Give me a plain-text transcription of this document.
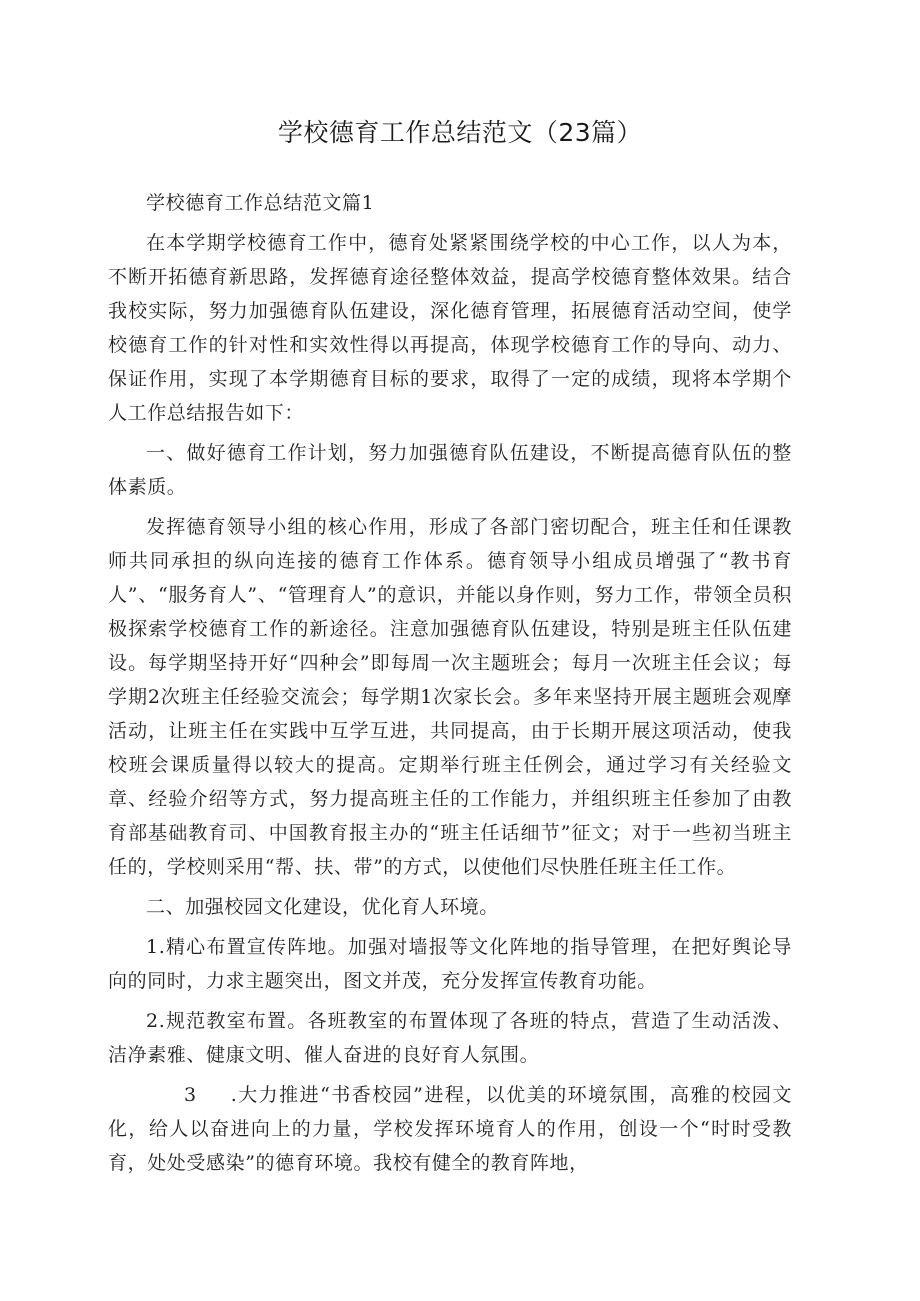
学校德育工作总结范文（23篇）

学校德育工作总结范文篇1

在本学期学校德育工作中，德育处紧紧围绕学校的中心工作，以人为本，不断开拓德育新思路，发挥德育途径整体效益，提高学校德育整体效果。结合我校实际，努力加强德育队伍建设，深化德育管理，拓展德育活动空间，使学校德育工作的针对性和实效性得以再提高，体现学校德育工作的导向、动力、保证作用，实现了本学期德育目标的要求，取得了一定的成绩，现将本学期个人工作总结报告如下：

一、做好德育工作计划，努力加强德育队伍建设，不断提高德育队伍的整体素质。

发挥德育领导小组的核心作用，形成了各部门密切配合，班主任和任课教师共同承担的纵向连接的德育工作体系。德育领导小组成员增强了“教书育人”、“服务育人”、“管理育人”的意识，并能以身作则，努力工作，带领全员积极探索学校德育工作的新途径。注意加强德育队伍建设，特别是班主任队伍建设。每学期坚持开好“四种会”即每周一次主题班会；每月一次班主任会议；每学期2次班主任经验交流会；每学期1次家长会。多年来坚持开展主题班会观摩活动，让班主任在实践中互学互进，共同提高，由于长期开展这项活动，使我校班会课质量得以较大的提高。定期举行班主任例会，通过学习有关经验文章、经验介绍等方式，努力提高班主任的工作能力，并组织班主任参加了由教育部基础教育司、中国教育报主办的“班主任话细节”征文；对于一些初当班主任的，学校则采用“帮、扶、带”的方式，以使他们尽快胜任班主任工作。

二、加强校园文化建设，优化育人环境。

1.精心布置宣传阵地。加强对墙报等文化阵地的指导管理，在把好舆论导向的同时，力求主题突出，图文并茂，充分发挥宣传教育功能。

2.规范教室布置。各班教室的布置体现了各班的特点，营造了生动活泼、洁净素雅、健康文明、催人奋进的良好育人氛围。

3 .大力推进“书香校园”进程，以优美的环境氛围，高雅的校园文化，给人以奋进向上的力量，学校发挥环境育人的作用，创设一个“时时受教育，处处受感染”的德育环境。我校有健全的教育阵地，
